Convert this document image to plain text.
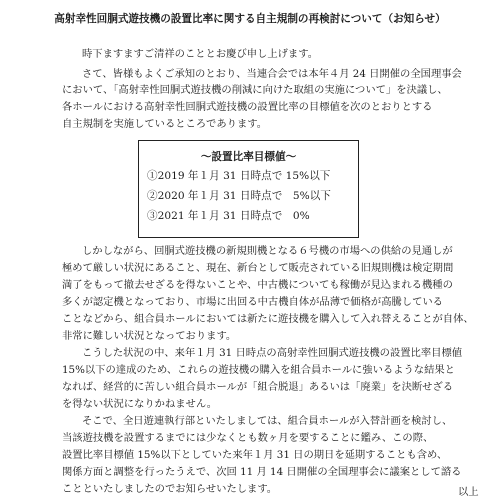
高射幸性回胴式遊技機の設置比率に関する自主規制の再検討について（お知らせ）
時下ますますご清祥のこととお慶び申し上げます。
さて、皆様もよくご承知のとおり、当連合会では本年４月 24 日開催の全国理事会
において、「高射幸性回胴式遊技機の削減に向けた取組の実施について」を決議し、
各ホールにおける高射幸性回胴式遊技機の設置比率の目標値を次のとおりとする
自主規制を実施しているところであります。
しかしながら、回胴式遊技機の新規則機となる６号機の市場への供給の見通しが
極めて厳しい状況にあること、現在、新台として販売されている旧規則機は検定期間
満了をもって撤去せざるを得ないことや、中古機についても稼働が見込まれる機種の
多くが認定機となっており、市場に出回る中古機自体が品薄で価格が高騰している
ことなどから、組合員ホールにおいては新たに遊技機を購入して入れ替えることが自体、
非常に難しい状況となっております。
こうした状況の中、来年１月 31 日時点の高射幸性回胴式遊技機の設置比率目標値
15%以下の達成のため、これらの遊技機の購入を組合員ホールに強いるような結果と
なれば、経営的に苦しい組合員ホールが「組合脱退」あるいは「廃業」を決断せざる
を得ない状況になりかねません。
そこで、全日遊連執行部といたしましては、組合員ホールが入替計画を検討し、
当該遊技機を設置するまでには少なくとも数ヶ月を要することに鑑み、この際、
設置比率目標値 15%以下としていた来年１月 31 日の期日を延期することも含め、
関係方面と調整を行ったうえで、次回 11 月 14 日開催の全国理事会に議案として諮る
ことといたしましたのでお知らせいたします。
～設置比率目標値～
①2019 年１月 31 日時点で 15%以下
②2020 年１月 31 日時点で　5%以下
③2021 年１月 31 日時点で　0%
以上
